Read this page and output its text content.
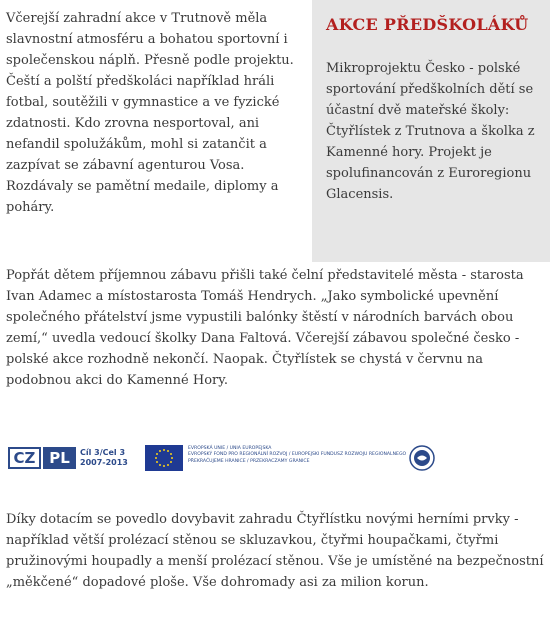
Včerejší zahradní akce v Trutnově měla slavnostní atmosféru a bohatou sportovní i společenskou náplň. Přesně podle projektu. Čeští a polští předškoláci například hráli fotbal, soutěžili v gymnastice a ve fyzické zdatnosti. Kdo zrovna nesportoval, ani nefandil spolužákům, mohl si zatančit a zazpívat se zábavní agenturou Vosa. Rozdávaly se pamětní medaile, diplomy a poháry.

AKCE PŘEDŠKOLÁKŮ
Mikroprojektu Česko - polské sportování předškolních dětí se účastní dvě mateřské školy: Čtyřlístek z Trutnova a školka z Kamenné hory. Projekt je spolufinancován z Euroregionu Glacensis.

Popřát dětem příjemnou zábavu přišli také čelní představitelé města - starosta Ivan Adamec a místostarosta Tomáš Hendrych. „Jako symbolické upevnění společného přátelství jsme vypustili balónky štěstí v národních barvách obou zemí,“ uvedla vedoucí školky Dana Faltová. Včerejší zábavou společné česko - polské akce rozhodně nekončí. Naopak. Čtyřlístek se chystá v červnu na podobnou akci do Kamenné Hory.

CZ PL	Cíl 3/Cel 3
2007-2013
EVROPSKÁ UNIE / UNIA EUROPEJSKA
EVROPSKÝ FOND PRO REGIONÁLNÍ ROZVOJ / EUROPEJSKI FUNDUSZ ROZWOJU REGIONALNEGO
PŘEKRAČUJEME HRANICE / PRZEKRACZAMY GRANICE

Díky dotacím se povedlo dovybavit zahradu Čtyřlístku novými herními prvky - například větší prolézací stěnou se skluzavkou, čtyřmi houpačkami, čtyřmi pružinovými houpadly a menší prolézací stěnou. Vše je umístěné na bezpečnostní „měkčené“ dopadové ploše. Vše dohromady asi za milion korun.
